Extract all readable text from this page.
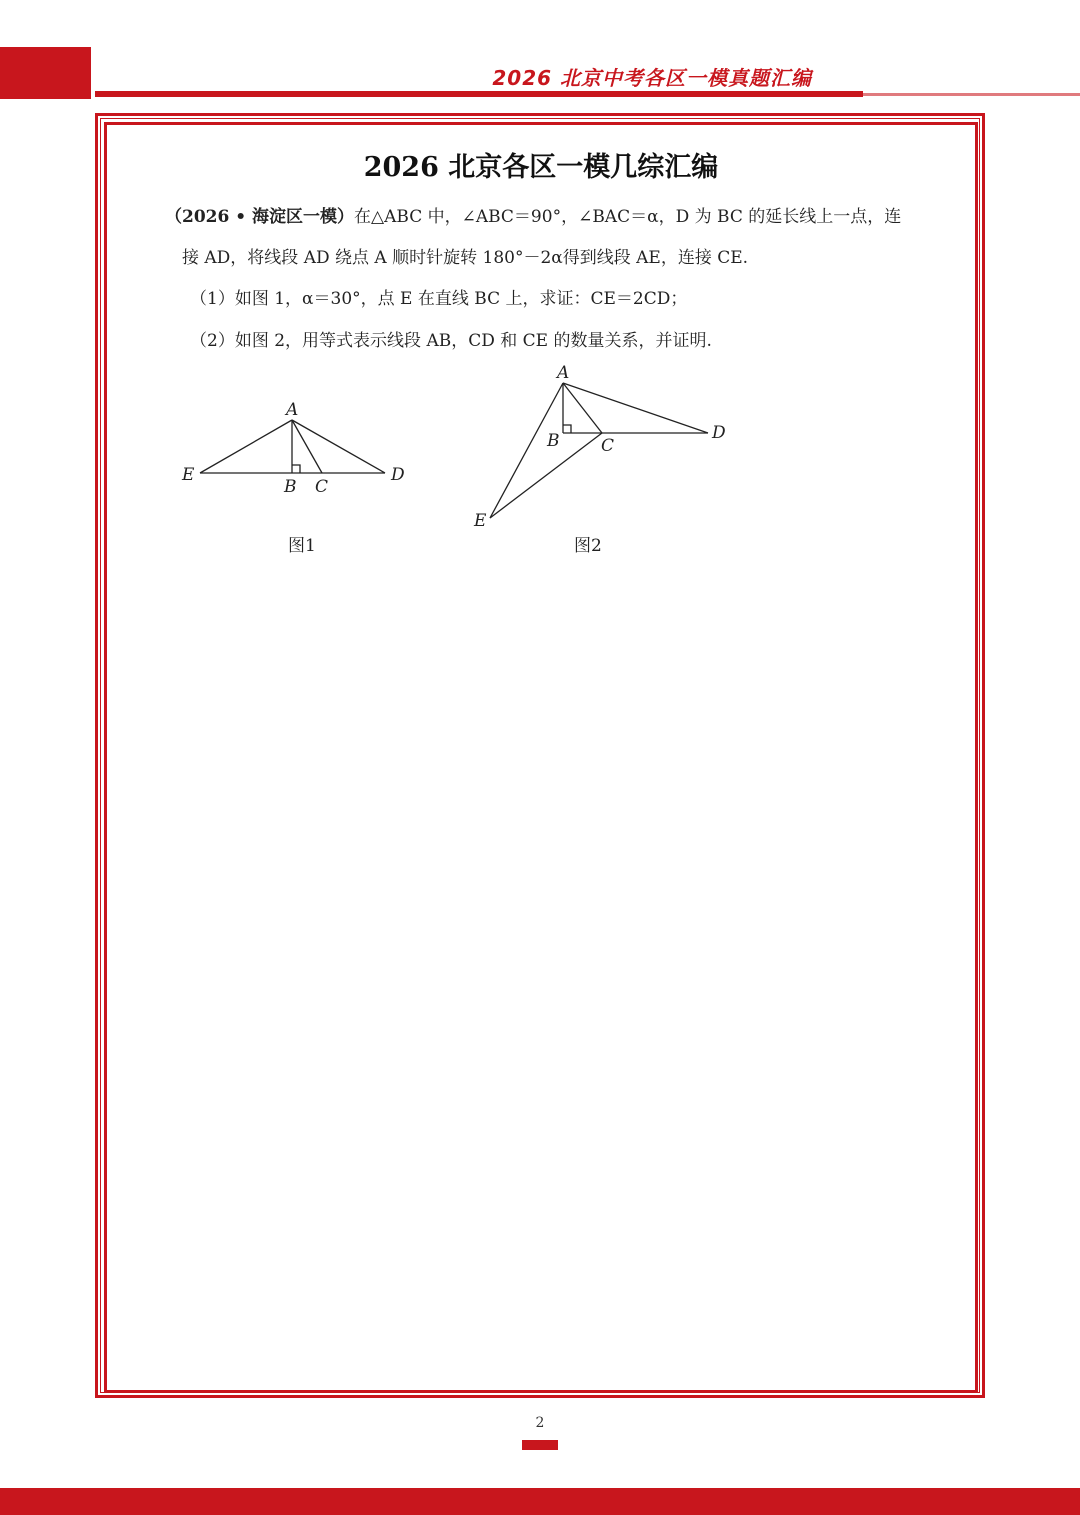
2026 北京中考各区一模真题汇编
2026 北京各区一模几综汇编
（2026 • 海淀区一模）在△ABC 中，∠ABC＝90°，∠BAC＝α，D 为 BC 的延长线上一点，连
接 AD，将线段 AD 绕点 A 顺时针旋转 180°－2α得到线段 AE，连接 CE.
（1）如图 1，α＝30°，点 E 在直线 BC 上，求证：CE＝2CD；
（2）如图 2，用等式表示线段 AB，CD 和 CE 的数量关系，并证明.
A
E
B C
D
图1
A
B C
D
E
图2
2
